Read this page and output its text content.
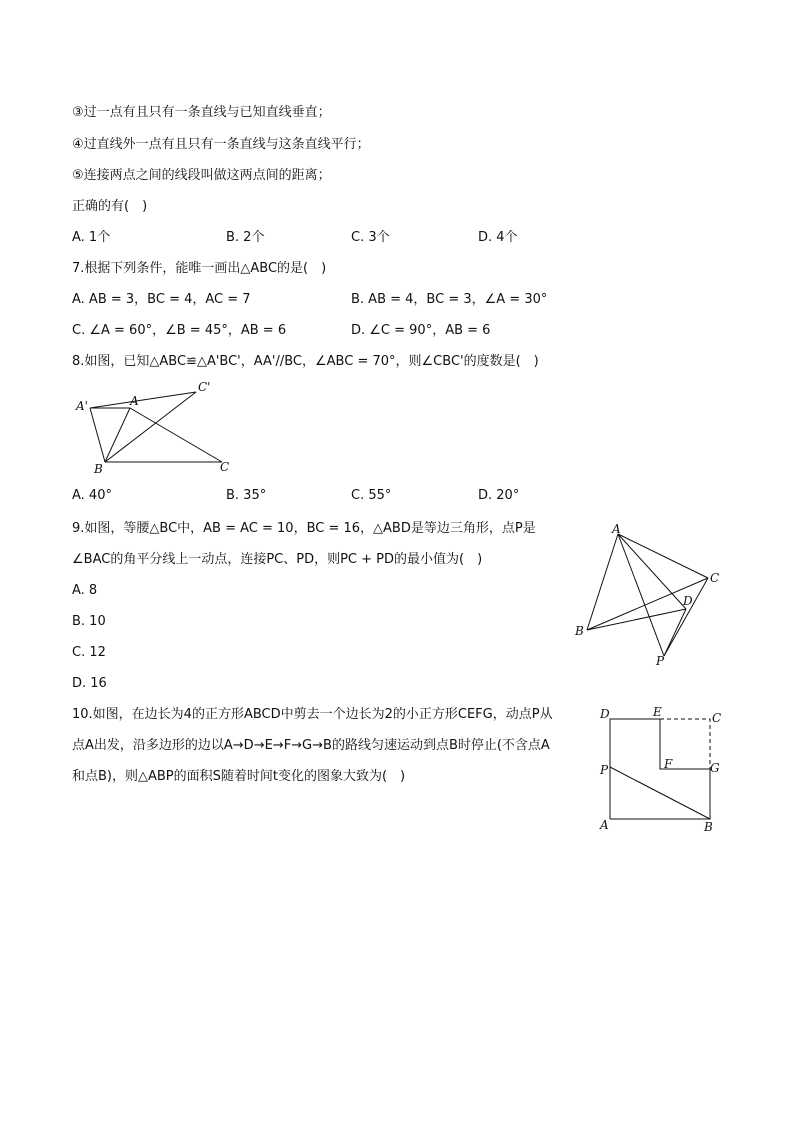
③过一点有且只有一条直线与已知直线垂直；
④过直线外一点有且只有一条直线与这条直线平行；
⑤连接两点之间的线段叫做这两点间的距离；
正确的有(　)
A. 1个	B. 2个	C. 3个	D. 4个
7.根据下列条件，能唯一画出△ABC的是(　)
A. AB = 3，BC = 4，AC = 7	B. AB = 4，BC = 3，∠A = 30°
C. ∠A = 60°，∠B = 45°，AB = 6	D. ∠C = 90°，AB = 6
8.如图，已知△ABC≌△A'BC'，AA'//BC，∠ABC = 70°，则∠CBC'的度数是(　)
A'	A
C'
B	C
A. 40°	B. 35°	C. 55°	D. 20°
9.如图，等腰△BC中，AB = AC = 10，BC = 16，△ABD是等边三角形，点P是
∠BAC的角平分线上一动点，连接PC、PD，则PC + PD的最小值为(　)
A. 8
B. 10
C. 12
D. 16
A
B
C
D
P
10.如图，在边长为4的正方形ABCD中剪去一个边长为2的小正方形CEFG，动点P从
点A出发，沿多边形的边以A→D→E→F→G→B的路线匀速运动到点B时停止(不含点A
和点B)，则△ABP的面积S随着时间t变化的图象大致为(　)
D	E	C
P	F	G
A	B
